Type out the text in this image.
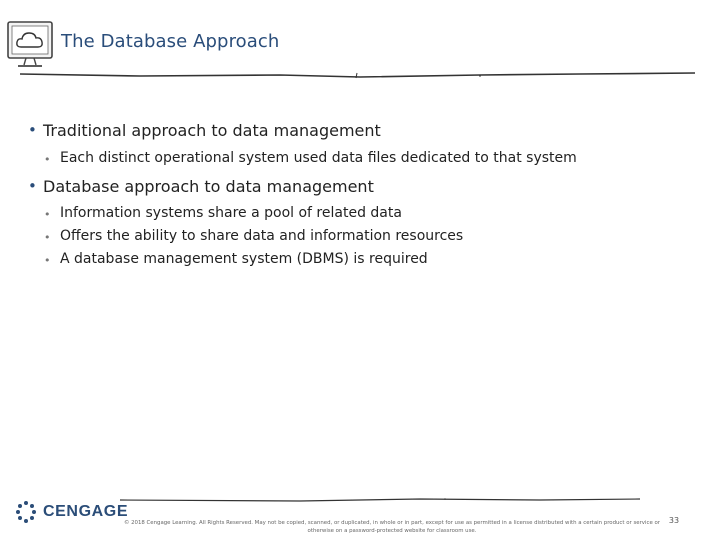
The Database Approach
• Traditional approach to data management
• Each distinct operational system used data files dedicated to that system
• Database approach to data management
• Information systems share a pool of related data
• Offers the ability to share data and information resources
• A database management system (DBMS) is required
CENGAGE
© 2018 Cengage Learning. All Rights Reserved. May not be copied, scanned, or duplicated, in whole or in part, except for use as permitted in a license distributed with a certain product or service or otherwise on a password-protected website for classroom use.
33
